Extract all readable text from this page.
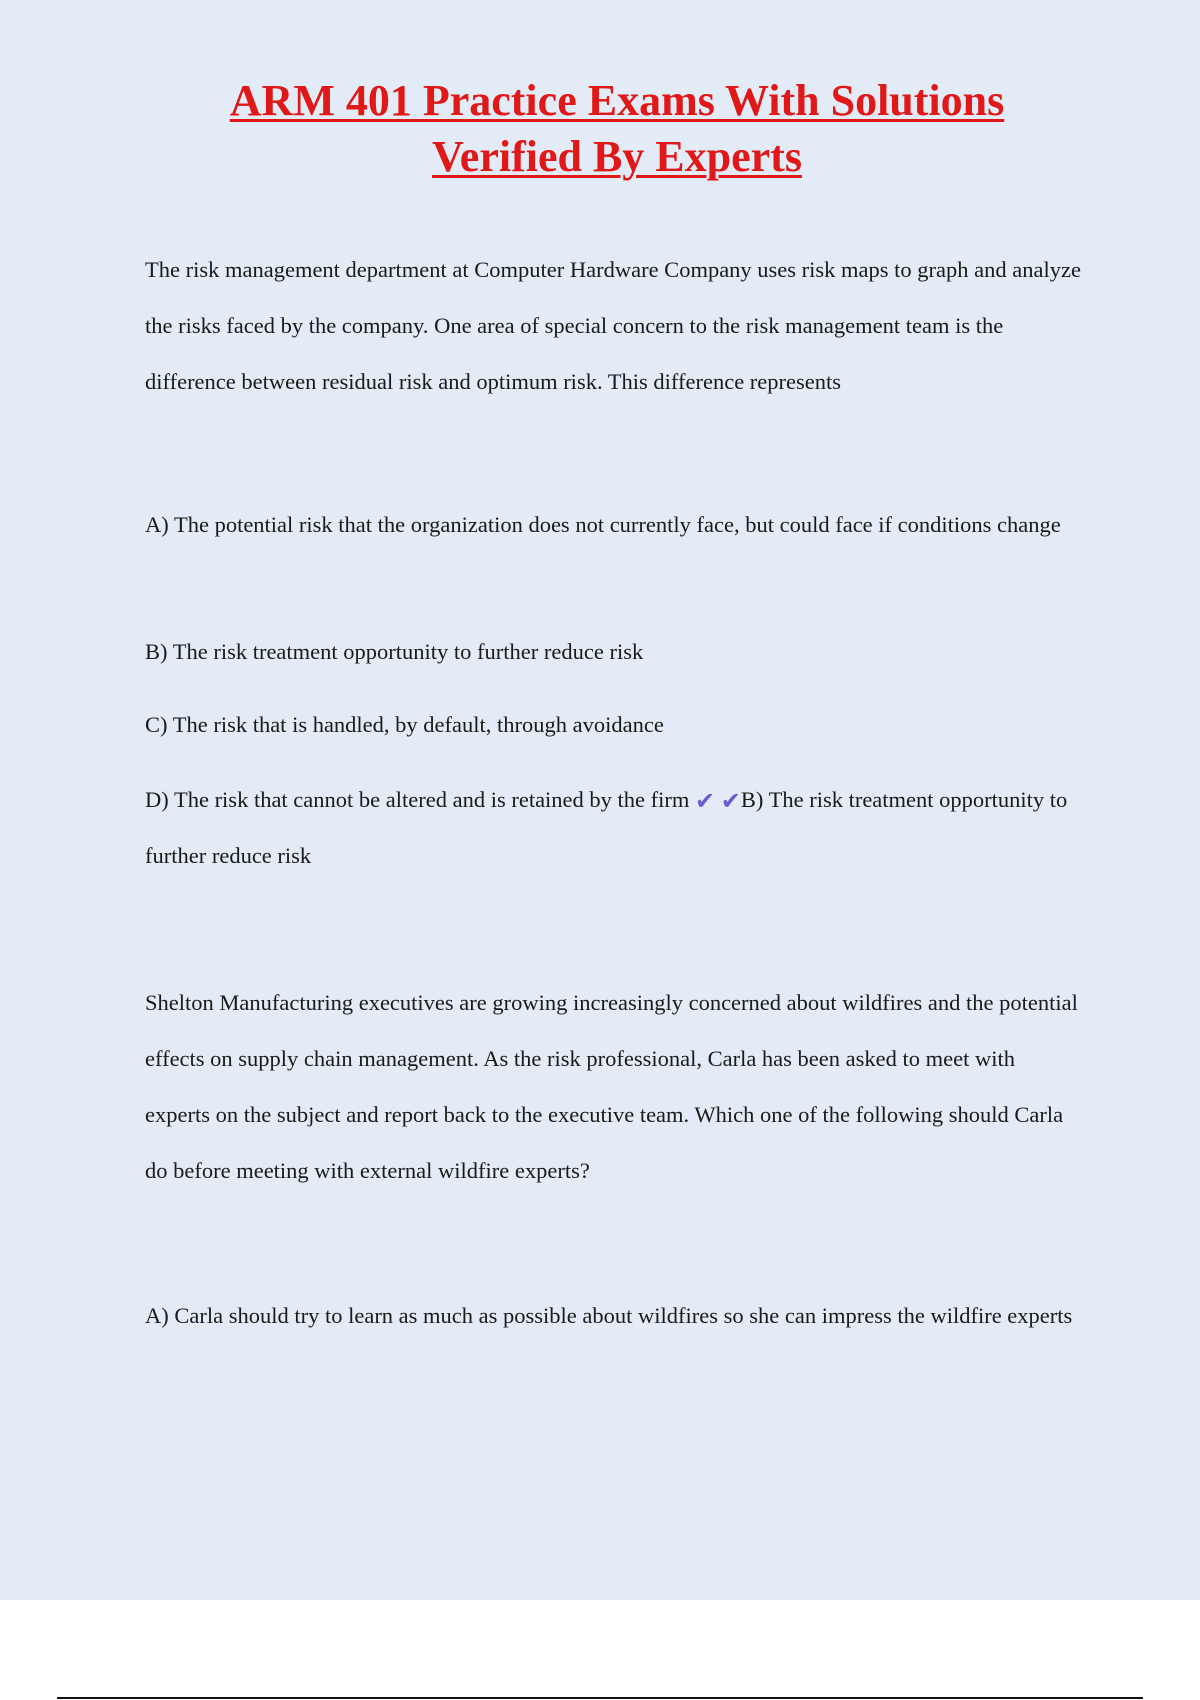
ARM 401 Practice Exams With Solutions
Verified By Experts

The risk management department at Computer Hardware Company uses risk maps to graph and analyze the risks faced by the company. One area of special concern to the risk management team is the difference between residual risk and optimum risk. This difference represents

A) The potential risk that the organization does not currently face, but could face if conditions change

B) The risk treatment opportunity to further reduce risk

C) The risk that is handled, by default, through avoidance

D) The risk that cannot be altered and is retained by the firm ✔ ✔B) The risk treatment opportunity to further reduce risk

Shelton Manufacturing executives are growing increasingly concerned about wildfires and the potential effects on supply chain management. As the risk professional, Carla has been asked to meet with experts on the subject and report back to the executive team. Which one of the following should Carla do before meeting with external wildfire experts?

A) Carla should try to learn as much as possible about wildfires so she can impress the wildfire experts
